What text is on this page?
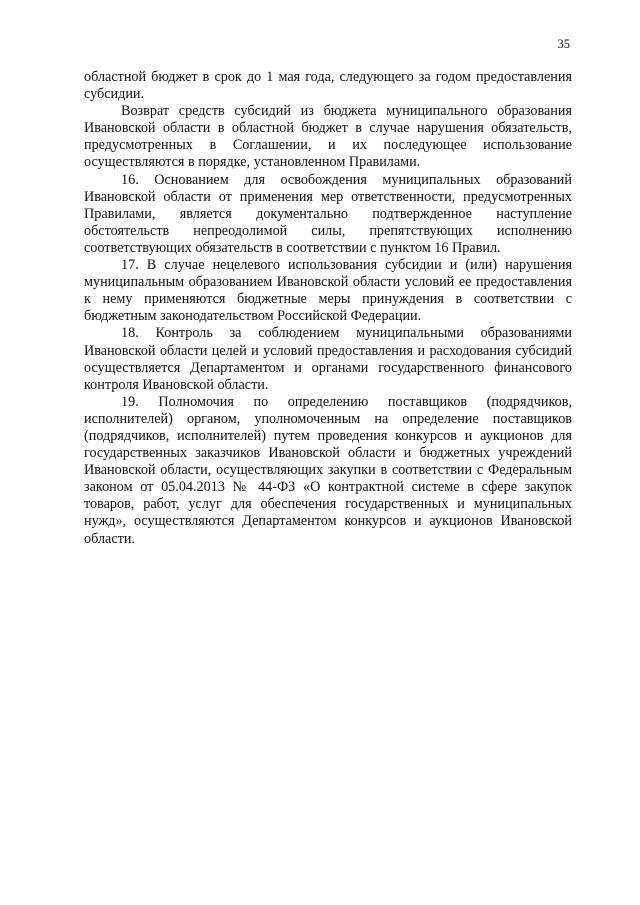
35

областной бюджет в срок до 1 мая года, следующего за годом предоставления субсидии.

Возврат средств субсидий из бюджета муниципального образования Ивановской области в областной бюджет в случае нарушения обязательств, предусмотренных в Соглашении, и их последующее использование осуществляются в порядке, установленном Правилами.

16. Основанием для освобождения муниципальных образований Ивановской области от применения мер ответственности, предусмотренных Правилами, является документально подтвержденное наступление обстоятельств непреодолимой силы, препятствующих исполнению соответствующих обязательств в соответствии с пунктом 16 Правил.

17. В случае нецелевого использования субсидии и (или) нарушения муниципальным образованием Ивановской области условий ее предоставления к нему применяются бюджетные меры принуждения в соответствии с бюджетным законодательством Российской Федерации.

18. Контроль за соблюдением муниципальными образованиями Ивановской области целей и условий предоставления и расходования субсидий осуществляется Департаментом и органами государственного финансового контроля Ивановской области.

19. Полномочия по определению поставщиков (подрядчиков, исполнителей) органом, уполномоченным на определение поставщиков (подрядчиков, исполнителей) путем проведения конкурсов и аукционов для государственных заказчиков Ивановской области и бюджетных учреждений Ивановской области, осуществляющих закупки в соответствии с Федеральным законом от 05.04.2013 № 44-ФЗ «О контрактной системе в сфере закупок товаров, работ, услуг для обеспечения государственных и муниципальных нужд», осуществляются Департаментом конкурсов и аукционов Ивановской области.
